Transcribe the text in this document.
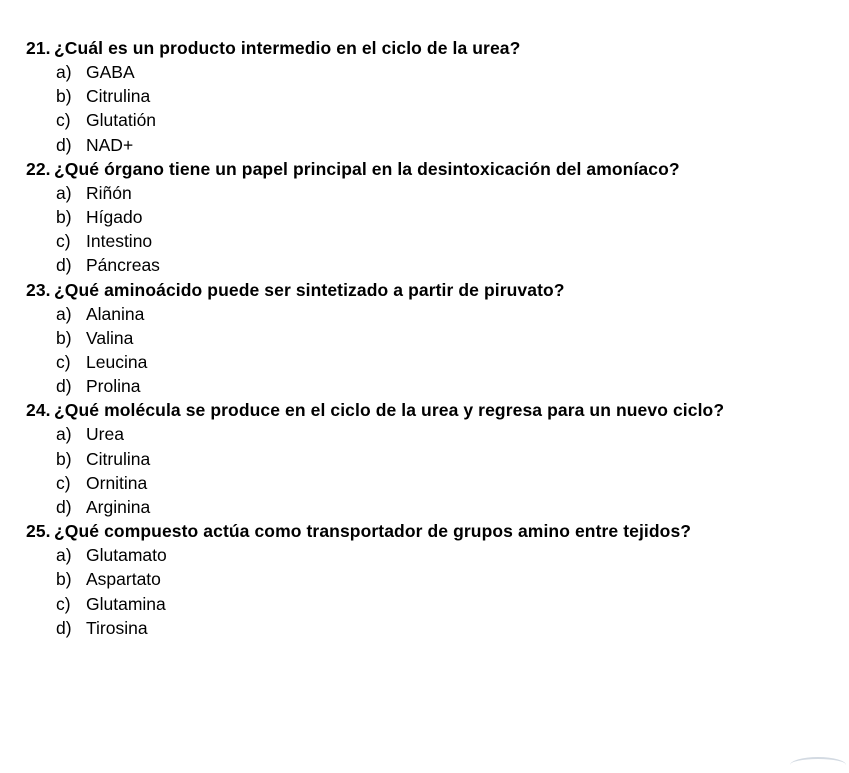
21. ¿Cuál es un producto intermedio en el ciclo de la urea?
a) GABA
b) Citrulina
c) Glutatión
d) NAD+
22. ¿Qué órgano tiene un papel principal en la desintoxicación del amoníaco?
a) Riñón
b) Hígado
c) Intestino
d) Páncreas
23. ¿Qué aminoácido puede ser sintetizado a partir de piruvato?
a) Alanina
b) Valina
c) Leucina
d) Prolina
24. ¿Qué molécula se produce en el ciclo de la urea y regresa para un nuevo ciclo?
a) Urea
b) Citrulina
c) Ornitina
d) Arginina
25. ¿Qué compuesto actúa como transportador de grupos amino entre tejidos?
a) Glutamato
b) Aspartato
c) Glutamina
d) Tirosina
